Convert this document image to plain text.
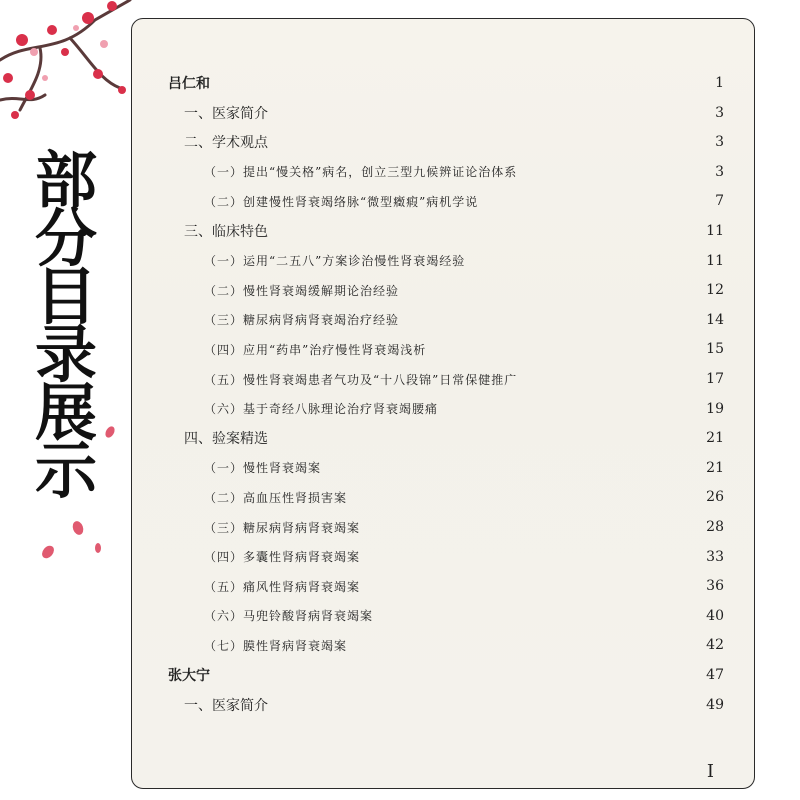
部
分
目
录
展
示
吕仁和	1
一、医家简介	3
二、学术观点	3
（一）提出“慢关格”病名，创立三型九候辨证论治体系	3
（二）创建慢性肾衰竭络脉“微型癥瘕”病机学说	7
三、临床特色	11
（一）运用“二五八”方案诊治慢性肾衰竭经验	11
（二）慢性肾衰竭缓解期论治经验	12
（三）糖尿病肾病肾衰竭治疗经验	14
（四）应用“药串”治疗慢性肾衰竭浅析	15
（五）慢性肾衰竭患者气功及“十八段锦”日常保健推广	17
（六）基于奇经八脉理论治疗肾衰竭腰痛	19
四、验案精选	21
（一）慢性肾衰竭案	21
（二）高血压性肾损害案	26
（三）糖尿病肾病肾衰竭案	28
（四）多囊性肾病肾衰竭案	33
（五）痛风性肾病肾衰竭案	36
（六）马兜铃酸肾病肾衰竭案	40
（七）膜性肾病肾衰竭案	42
张大宁	47
一、医家简介	49
I
